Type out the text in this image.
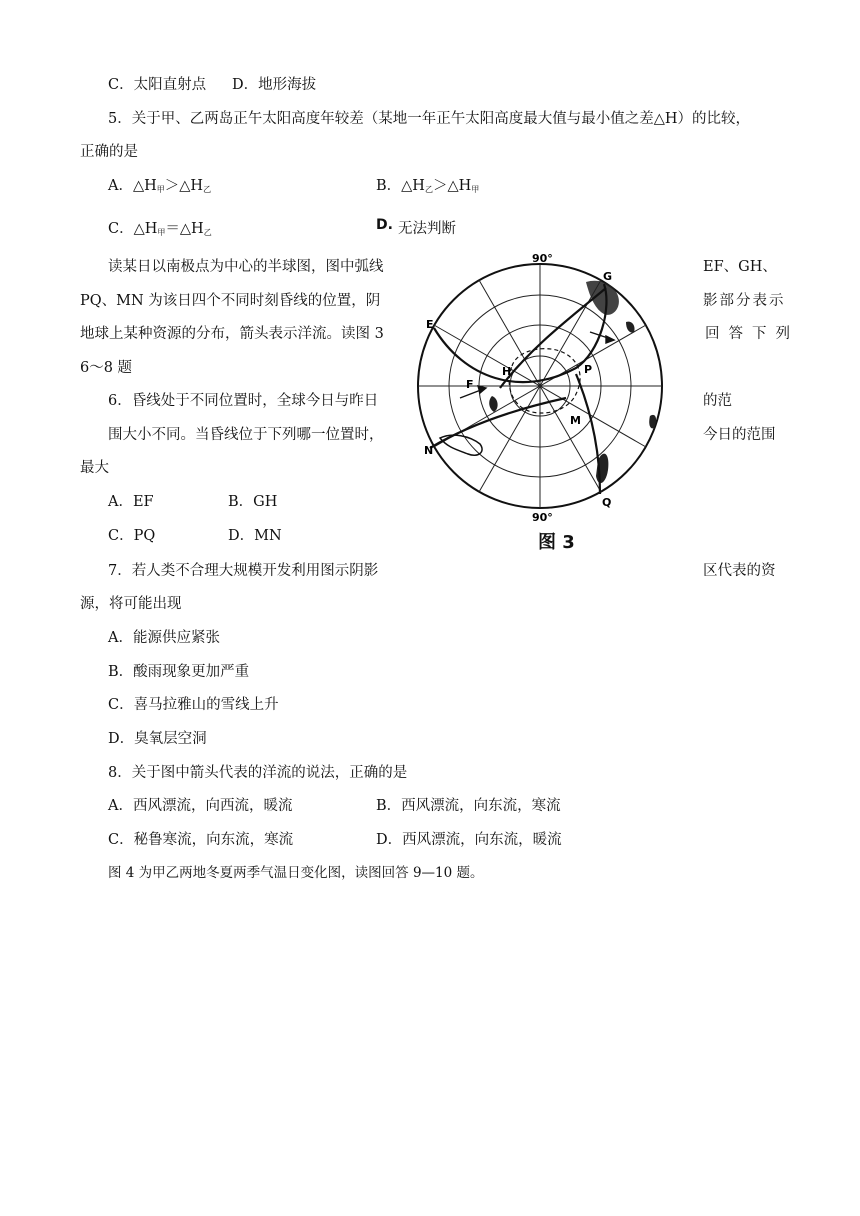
C．太阳直射点 D．地形海拔
5．关于甲、乙两岛正午太阳高度年较差（某地一年正午太阳高度最大值与最小值之差△H）的比较，
正确的是
A．$\triangle H_甲>\triangle H_乙$	B．$\triangle H_乙>\triangle H_甲$
C．$\triangle H_甲=\triangle H_乙$	D. 无法判断
读某日以南极点为中心的半球图，图中弧线	EF、GH、
PQ、MN 为该日四个不同时刻昏线的位置，阴	影部分表示
地球上某种资源的分布，箭头表示洋流。读图 3	回答下列
6～8 题
6．昏线处于不同位置时，全球今日与昨日	的范
围大小不同。当昏线位于下列哪一位置时，	今日的范围
最大
A．EF	B．GH
C．PQ	D．MN
90°
90°
G
E
N
Q
H	P
M
F
图 3
7．若人类不合理大规模开发利用图示阴影	区代表的资
源，将可能出现
A．能源供应紧张
B．酸雨现象更加严重
C．喜马拉雅山的雪线上升
D．臭氧层空洞
8．关于图中箭头代表的洋流的说法，正确的是
A．西风漂流，向西流，暖流	B．西风漂流，向东流，寒流
C．秘鲁寒流，向东流，寒流	D．西风漂流，向东流，暖流
图 4 为甲乙两地冬夏两季气温日变化图，读图回答 9—10 题。
